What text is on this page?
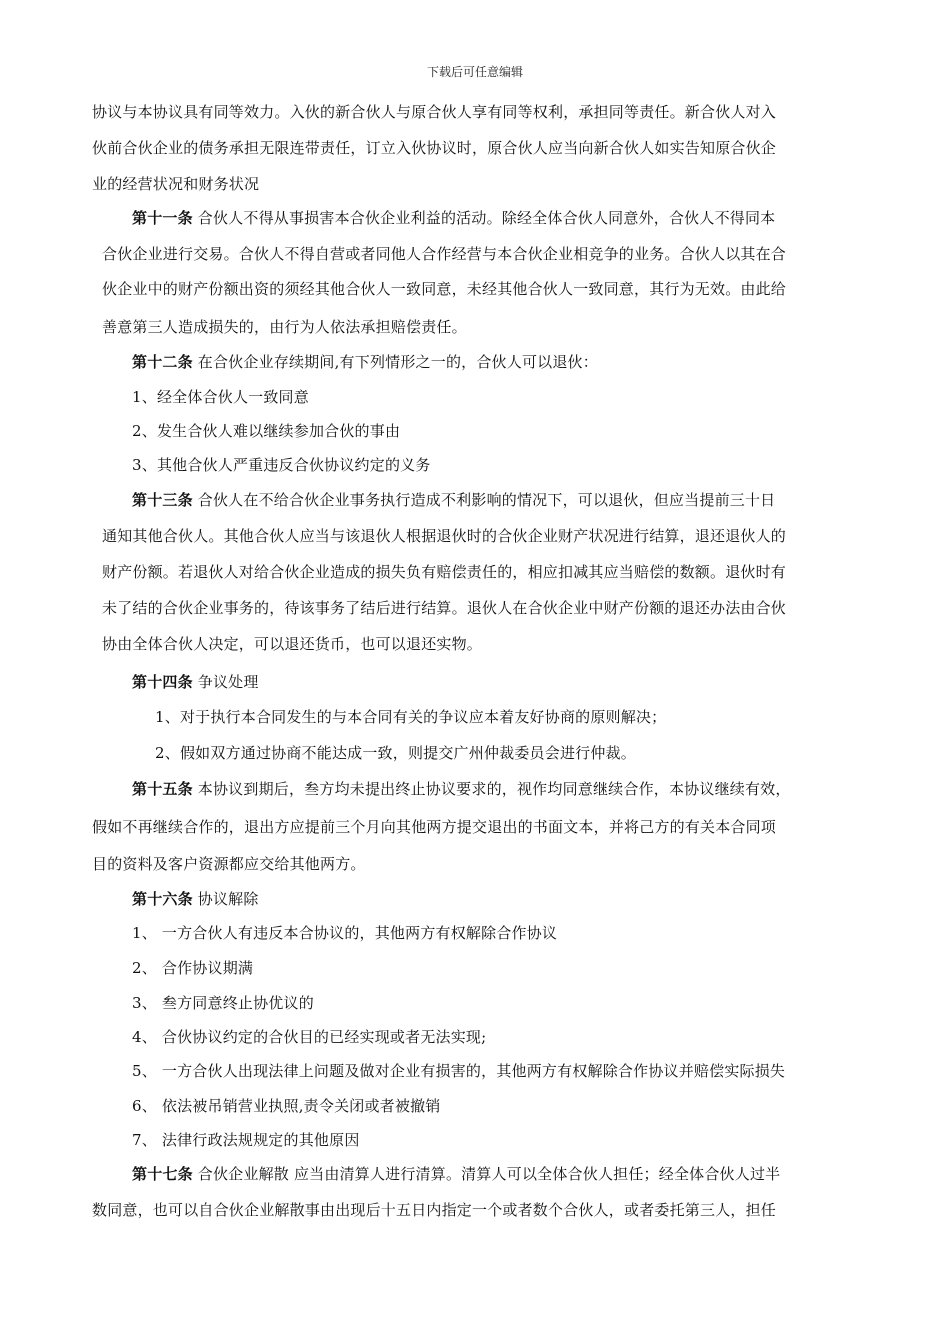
下载后可任意编辑
协议与本协议具有同等效力。入伙的新合伙人与原合伙人享有同等权利，承担同等责任。新合伙人对入
伙前合伙企业的债务承担无限连带责任，订立入伙协议时，原合伙人应当向新合伙人如实告知原合伙企
业的经营状况和财务状况
第十一条 合伙人不得从事损害本合伙企业利益的活动。除经全体合伙人同意外，合伙人不得同本
合伙企业进行交易。合伙人不得自营或者同他人合作经营与本合伙企业相竞争的业务。合伙人以其在合
伙企业中的财产份额出资的须经其他合伙人一致同意，未经其他合伙人一致同意，其行为无效。由此给
善意第三人造成损失的，由行为人依法承担赔偿责任。
第十二条 在合伙企业存续期间,有下列情形之一的，合伙人可以退伙：
1、经全体合伙人一致同意
2、发生合伙人难以继续参加合伙的事由
3、其他合伙人严重违反合伙协议约定的义务
第十三条 合伙人在不给合伙企业事务执行造成不利影响的情况下，可以退伙，但应当提前三十日
通知其他合伙人。其他合伙人应当与该退伙人根据退伙时的合伙企业财产状况进行结算，退还退伙人的
财产份额。若退伙人对给合伙企业造成的损失负有赔偿责任的，相应扣减其应当赔偿的数额。退伙时有
未了结的合伙企业事务的，待该事务了结后进行结算。退伙人在合伙企业中财产份额的退还办法由合伙
协由全体合伙人决定，可以退还货币，也可以退还实物。
第十四条 争议处理
1、对于执行本合同发生的与本合同有关的争议应本着友好协商的原则解决；
2、假如双方通过协商不能达成一致，则提交广州仲裁委员会进行仲裁。
第十五条 本协议到期后，叁方均未提出终止协议要求的，视作均同意继续合作，本协议继续有效，
假如不再继续合作的，退出方应提前三个月向其他两方提交退出的书面文本，并将己方的有关本合同项
目的资料及客户资源都应交给其他两方。
第十六条 协议解除
1、 一方合伙人有违反本合协议的，其他两方有权解除合作协议
2、 合作协议期满
3、 叁方同意终止协优议的
4、 合伙协议约定的合伙目的已经实现或者无法实现;
5、 一方合伙人出现法律上问题及做对企业有损害的，其他两方有权解除合作协议并赔偿实际损失
6、 依法被吊销营业执照,责令关闭或者被撤销
7、 法律行政法规规定的其他原因
第十七条 合伙企业解散 应当由清算人进行清算。清算人可以全体合伙人担任；经全体合伙人过半
数同意，也可以自合伙企业解散事由出现后十五日内指定一个或者数个合伙人，或者委托第三人，担任
